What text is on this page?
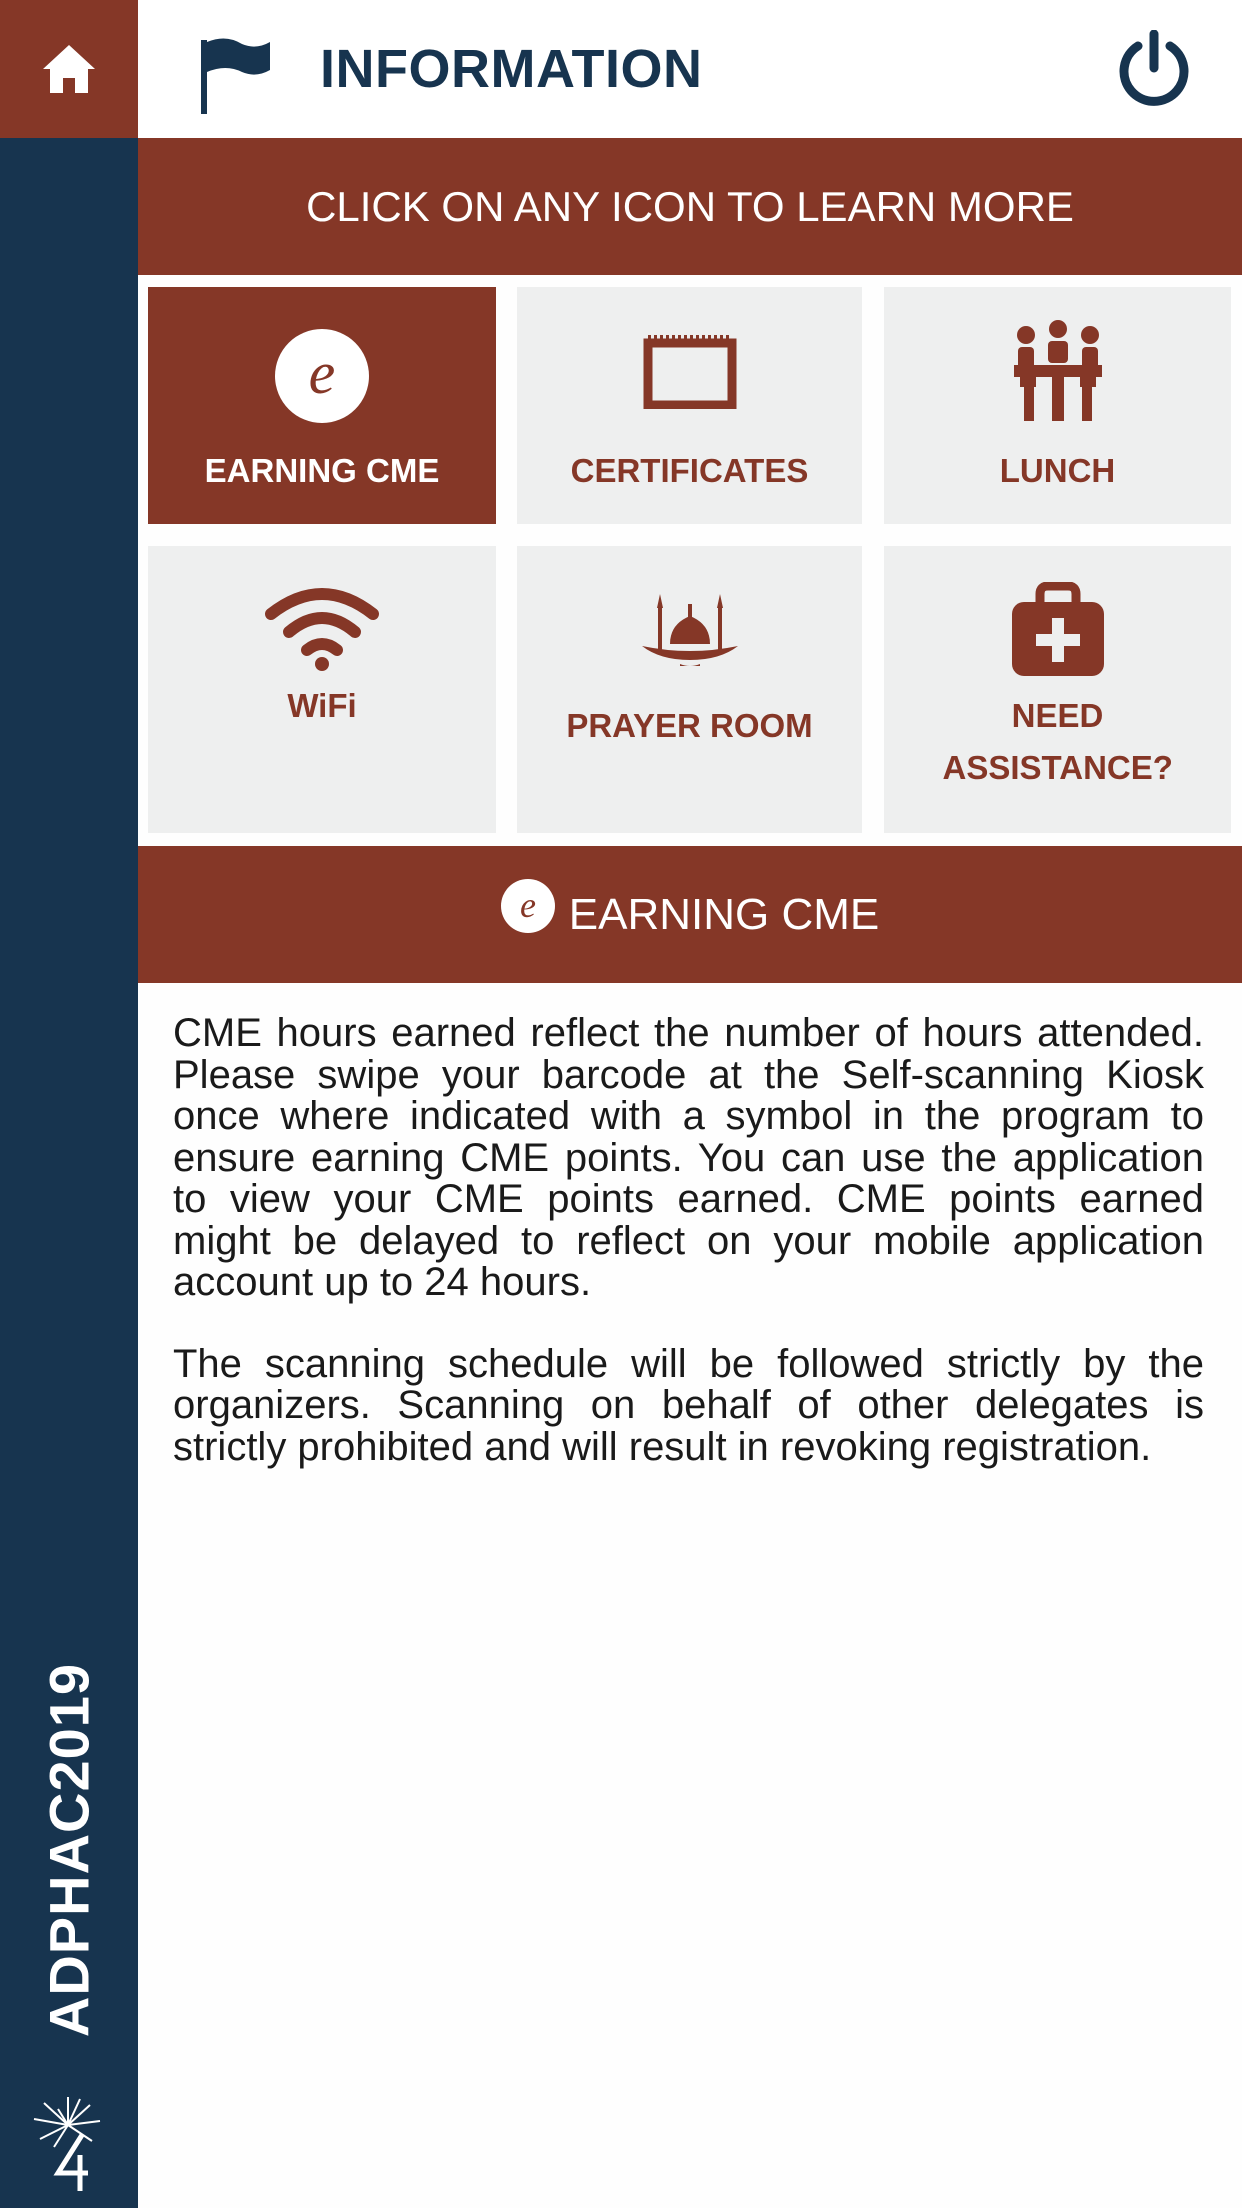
ADPHAC2019
INFORMATION
CLICK ON ANY ICON TO LEARN MORE
e
EARNING CME	CERTIFICATES	LUNCH
WiFi
PRAYER ROOM	NEED ASSISTANCE?
e EARNING CME

CME hours earned reflect the number of hours attended. Please swipe your barcode at the Self-scanning Kiosk once where indicated with a symbol in the program to ensure earning CME points. You can use the application to view your CME points earned. CME points earned might be delayed to reflect on your mobile application account up to 24 hours.

The scanning schedule will be followed strictly by the organizers. Scanning on behalf of other delegates is strictly prohibited and will result in revoking registration.
